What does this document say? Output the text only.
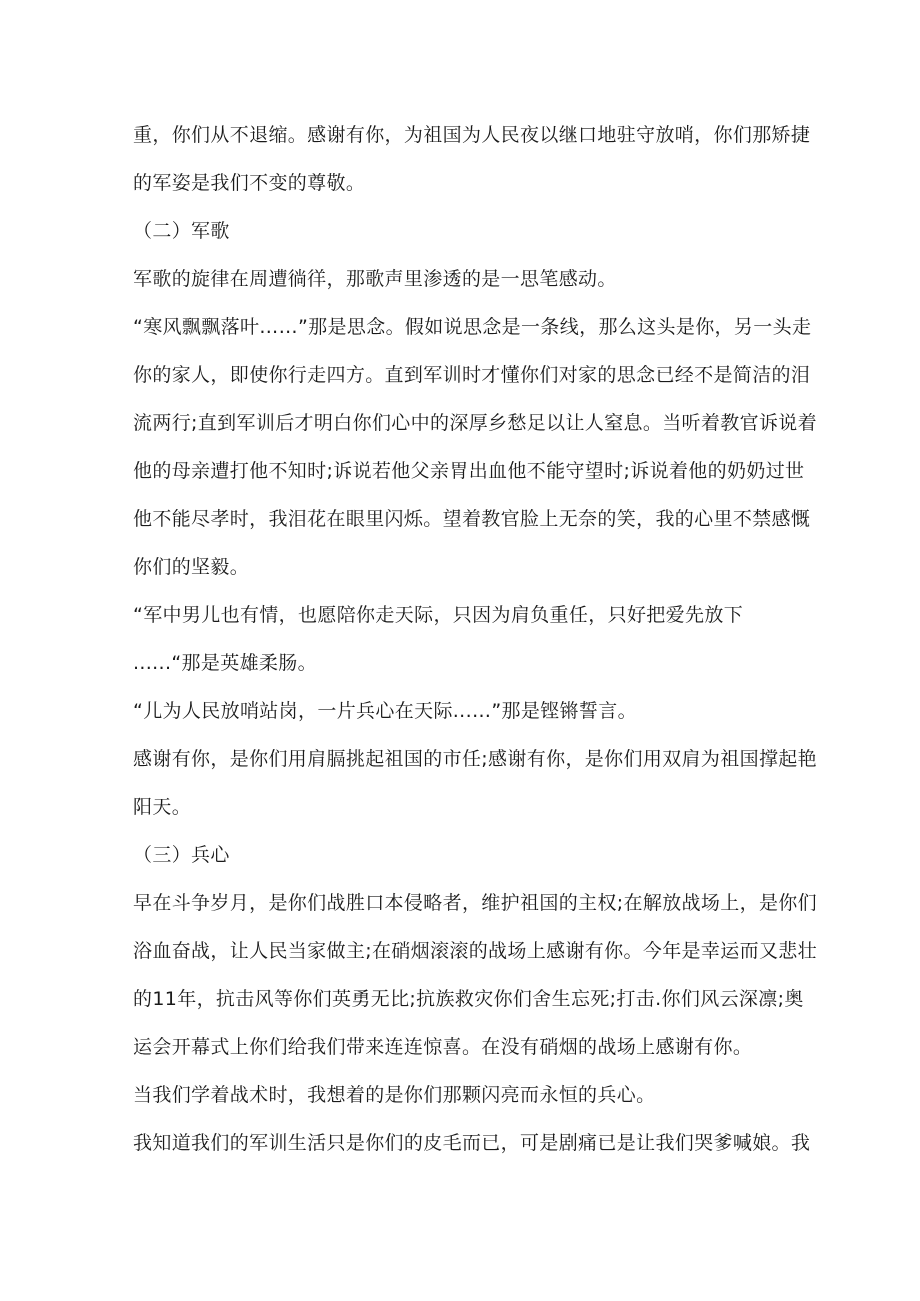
重，你们从不退缩。感谢有你，为祖国为人民夜以继口地驻守放哨，你们那矫捷
的军姿是我们不变的尊敬。
（二）军歌
军歌的旋律在周遭徜徉，那歌声里渗透的是一思笔感动。
“寒风飘飘落叶……”那是思念。假如说思念是一条线，那么这头是你，另一头走
你的家人，即使你行走四方。直到军训时才懂你们对家的思念已经不是简洁的泪
流两行;直到军训后才明白你们心中的深厚乡愁足以让人窒息。当听着教官诉说着
他的母亲遭打他不知时;诉说若他父亲胃出血他不能守望时;诉说着他的奶奶过世
他不能尽孝时，我泪花在眼里闪烁。望着教官脸上无奈的笑，我的心里不禁感慨
你们的坚毅。
“军中男儿也有情，也愿陪你走天际，只因为肩负重任，只好把爱先放下
......“那是英雄柔肠。
“儿为人民放哨站岗，一片兵心在天际...…”那是铿锵誓言。
感谢有你，是你们用肩膈挑起祖国的市任;感谢有你，是你们用双肩为祖国撑起艳
阳天。
（三）兵心
早在斗争岁月，是你们战胜口本侵略者，维护祖国的主权;在解放战场上，是你们
浴血奋战，让人民当家做主;在硝烟滚滚的战场上感谢有你。今年是幸运而又悲壮
的11年，抗击风等你们英勇无比;抗族救灾你们舍生忘死;打击.你们风云深凛;奥
运会开幕式上你们给我们带来连连惊喜。在没有硝烟的战场上感谢有你。
当我们学着战术时，我想着的是你们那颗闪亮而永恒的兵心。
我知道我们的军训生活只是你们的皮毛而已，可是剧痛已是让我们哭爹喊娘。我
